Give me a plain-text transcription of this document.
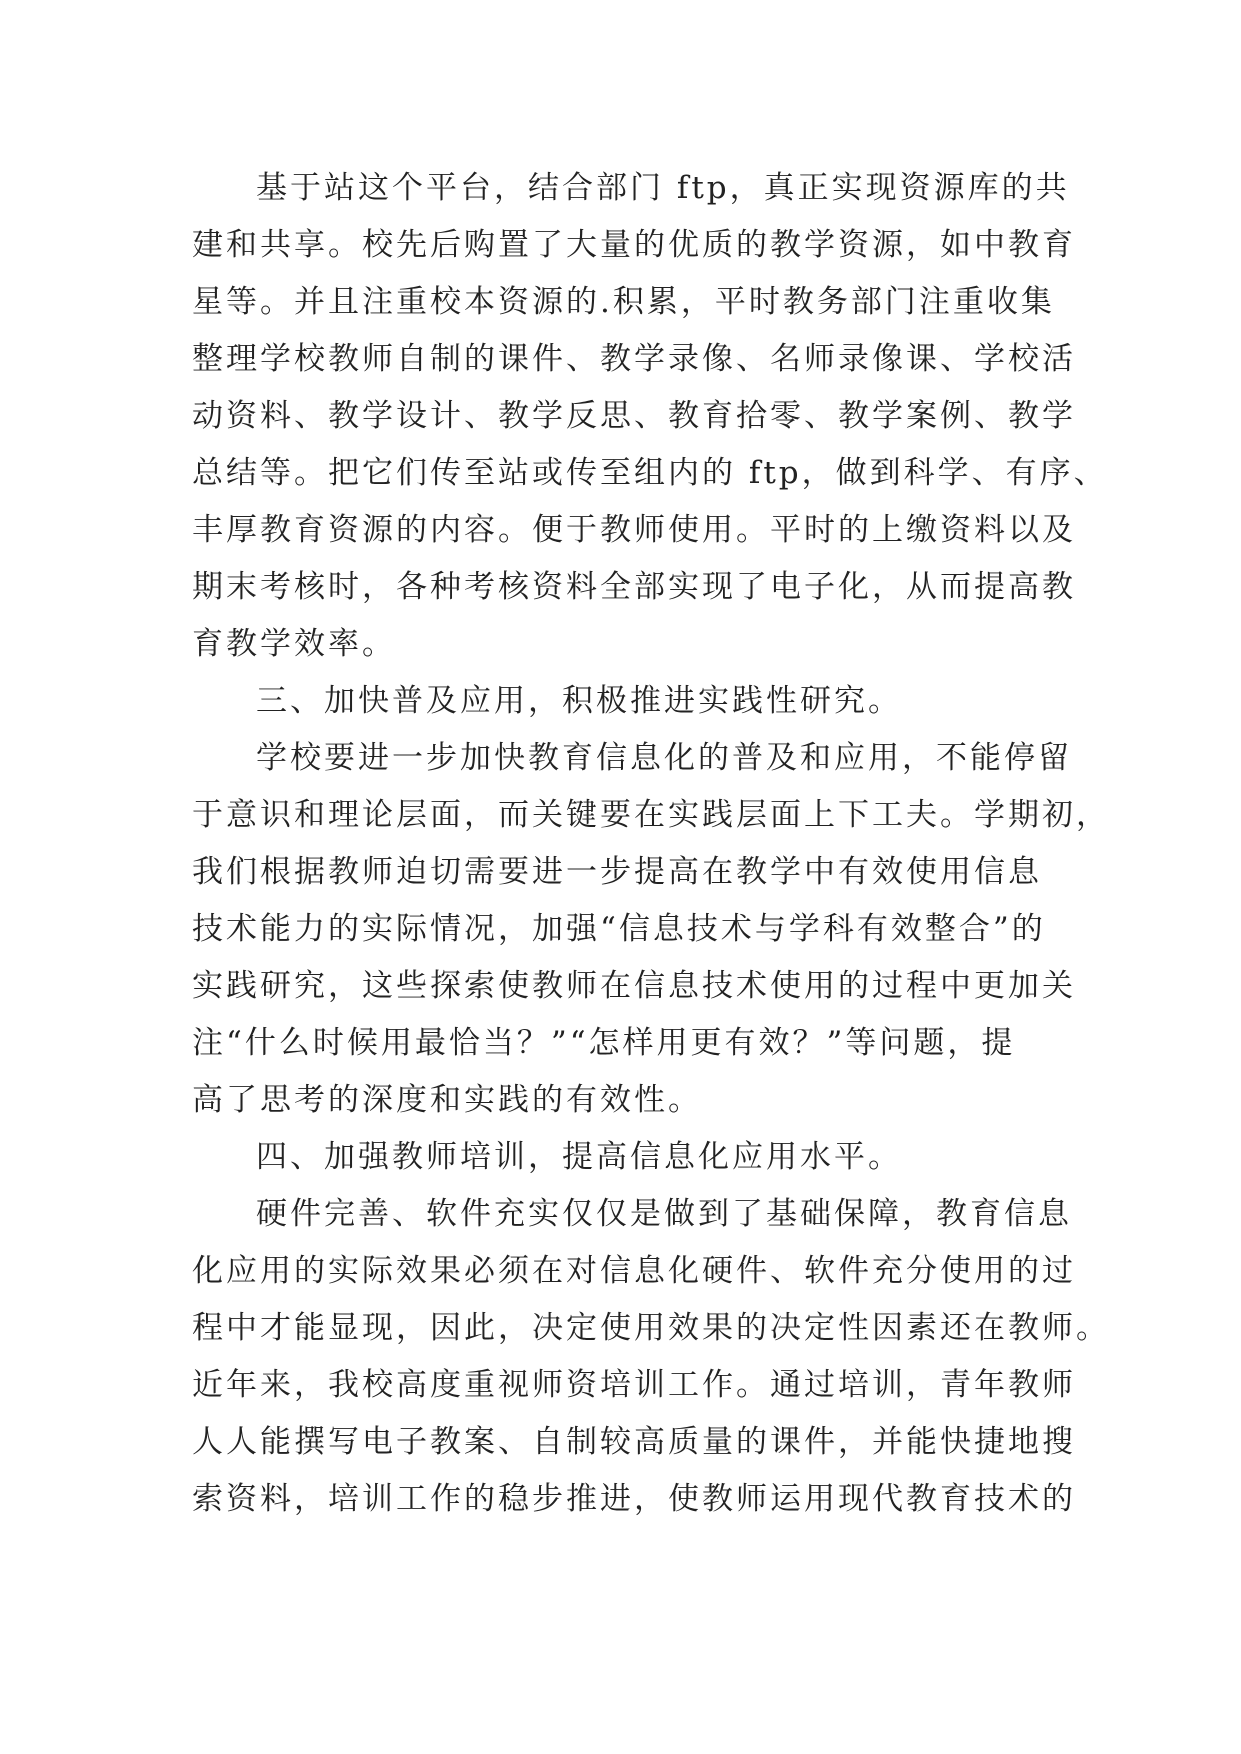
基于站这个平台，结合部门 ftp，真正实现资源库的共
建和共享。校先后购置了大量的优质的教学资源，如中教育
星等。并且注重校本资源的.积累，平时教务部门注重收集
整理学校教师自制的课件、教学录像、名师录像课、学校活
动资料、教学设计、教学反思、教育拾零、教学案例、教学
总结等。把它们传至站或传至组内的 ftp，做到科学、有序、
丰厚教育资源的内容。便于教师使用。平时的上缴资料以及
期末考核时，各种考核资料全部实现了电子化，从而提高教
育教学效率。
三、加快普及应用，积极推进实践性研究。
学校要进一步加快教育信息化的普及和应用，不能停留
于意识和理论层面，而关键要在实践层面上下工夫。学期初，
我们根据教师迫切需要进一步提高在教学中有效使用信息
技术能力的实际情况，加强“信息技术与学科有效整合”的
实践研究，这些探索使教师在信息技术使用的过程中更加关
注“什么时候用最恰当？”“怎样用更有效？”等问题，提
高了思考的深度和实践的有效性。
四、加强教师培训，提高信息化应用水平。
硬件完善、软件充实仅仅是做到了基础保障，教育信息
化应用的实际效果必须在对信息化硬件、软件充分使用的过
程中才能显现，因此，决定使用效果的决定性因素还在教师。
近年来，我校高度重视师资培训工作。通过培训，青年教师
人人能撰写电子教案、自制较高质量的课件，并能快捷地搜
索资料，培训工作的稳步推进，使教师运用现代教育技术的
